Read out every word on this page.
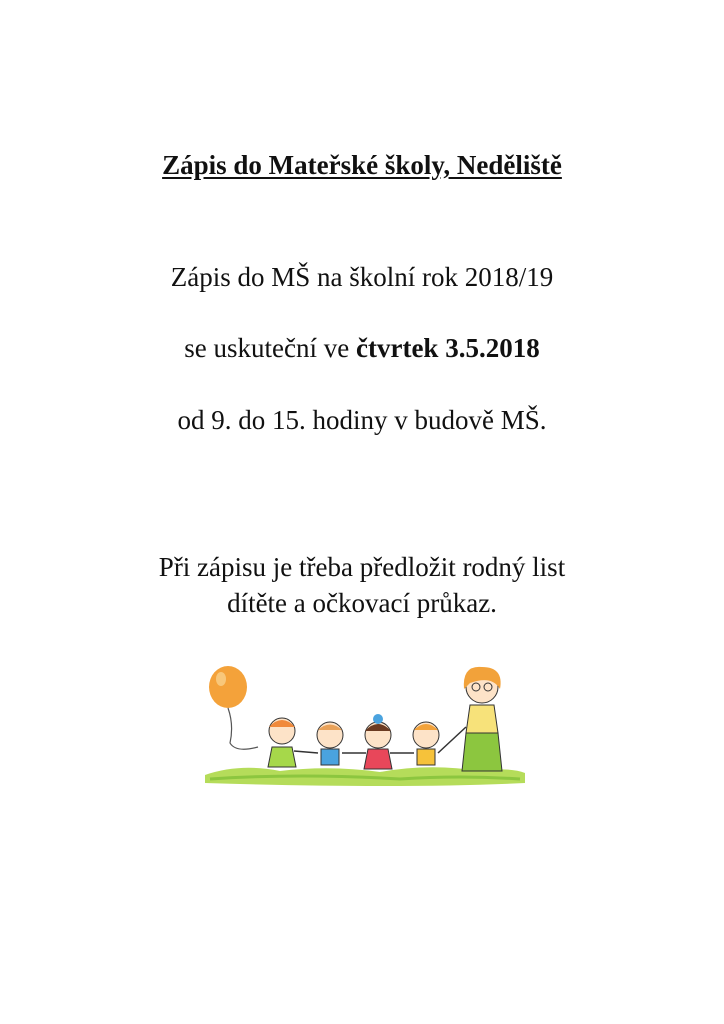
Zápis do Mateřské školy, Neděliště
Zápis do MŠ na školní rok 2018/19
se uskuteční ve čtvrtek 3.5.2018
od 9. do 15. hodiny v budově MŠ.
Při zápisu je třeba předložit rodný list
dítěte a očkovací průkaz.
